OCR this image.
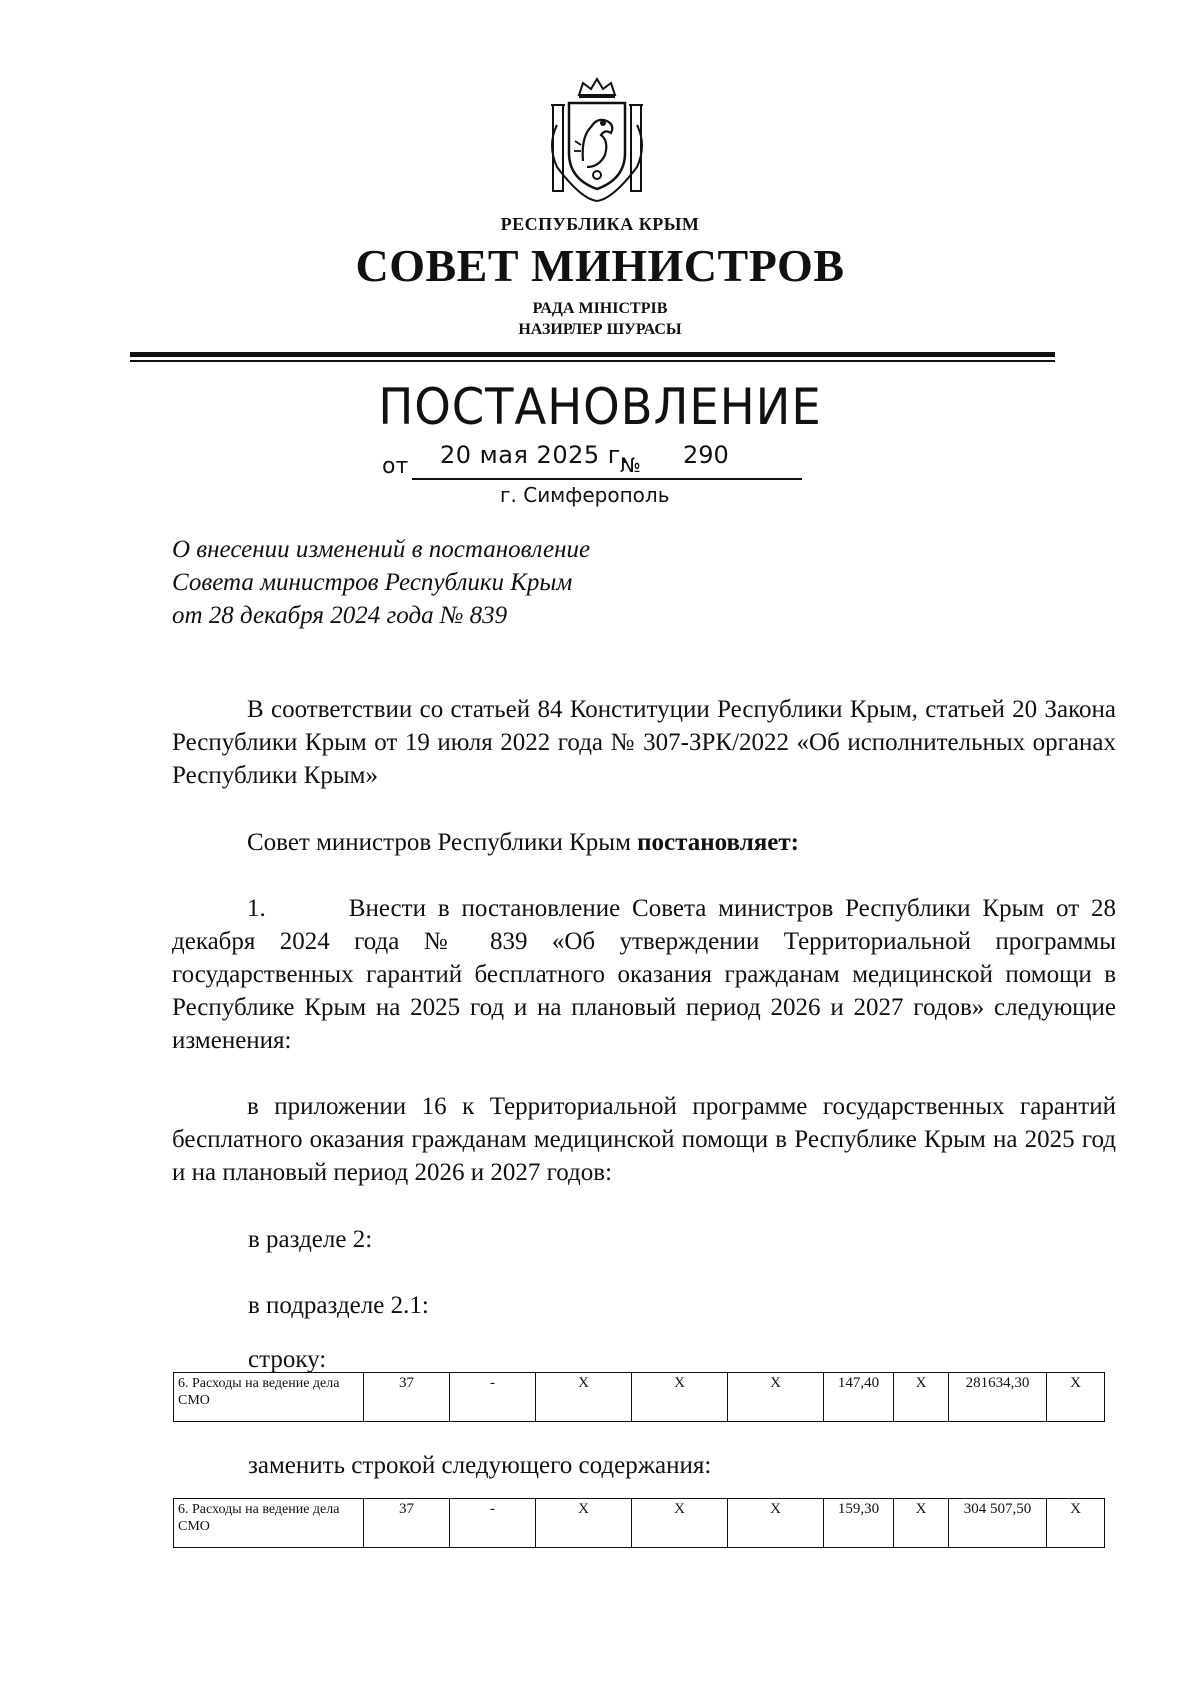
РЕСПУБЛИКА КРЫМ
СОВЕТ МИНИСТРОВ
РАДА МІНІСТРІВ
НАЗИРЛЕР ШУРАСЫ
ПОСТАНОВЛЕНИЕ
от 20 мая 2025 г.
№ 290
г. Симферополь
О внесении изменений в постановление
Совета министров Республики Крым
от 28 декабря 2024 года № 839
В соответствии со статьей 84 Конституции Республики Крым, статьей 20 Закона Республики Крым от 19 июля 2022 года № 307-ЗРК/2022 «Об исполнительных органах Республики Крым»
Совет министров Республики Крым постановляет:
1.	Внести в постановление Совета министров Республики Крым от 28 декабря 2024 года № 839 «Об утверждении Территориальной программы государственных гарантий бесплатного оказания гражданам медицинской помощи в Республике Крым на 2025 год и на плановый период 2026 и 2027 годов» следующие изменения:
в приложении 16 к Территориальной программе государственных гарантий бесплатного оказания гражданам медицинской помощи в Республике Крым на 2025 год и на плановый период 2026 и 2027 годов:
в разделе 2:
в подразделе 2.1:
строку:
6. Расходы на ведение дела СМО	37	-	Х	Х	Х	147,40	Х	281634,30	Х
заменить строкой следующего содержания:
6. Расходы на ведение дела СМО	37	-	Х	Х	Х	159,30	Х	304 507,50	Х
